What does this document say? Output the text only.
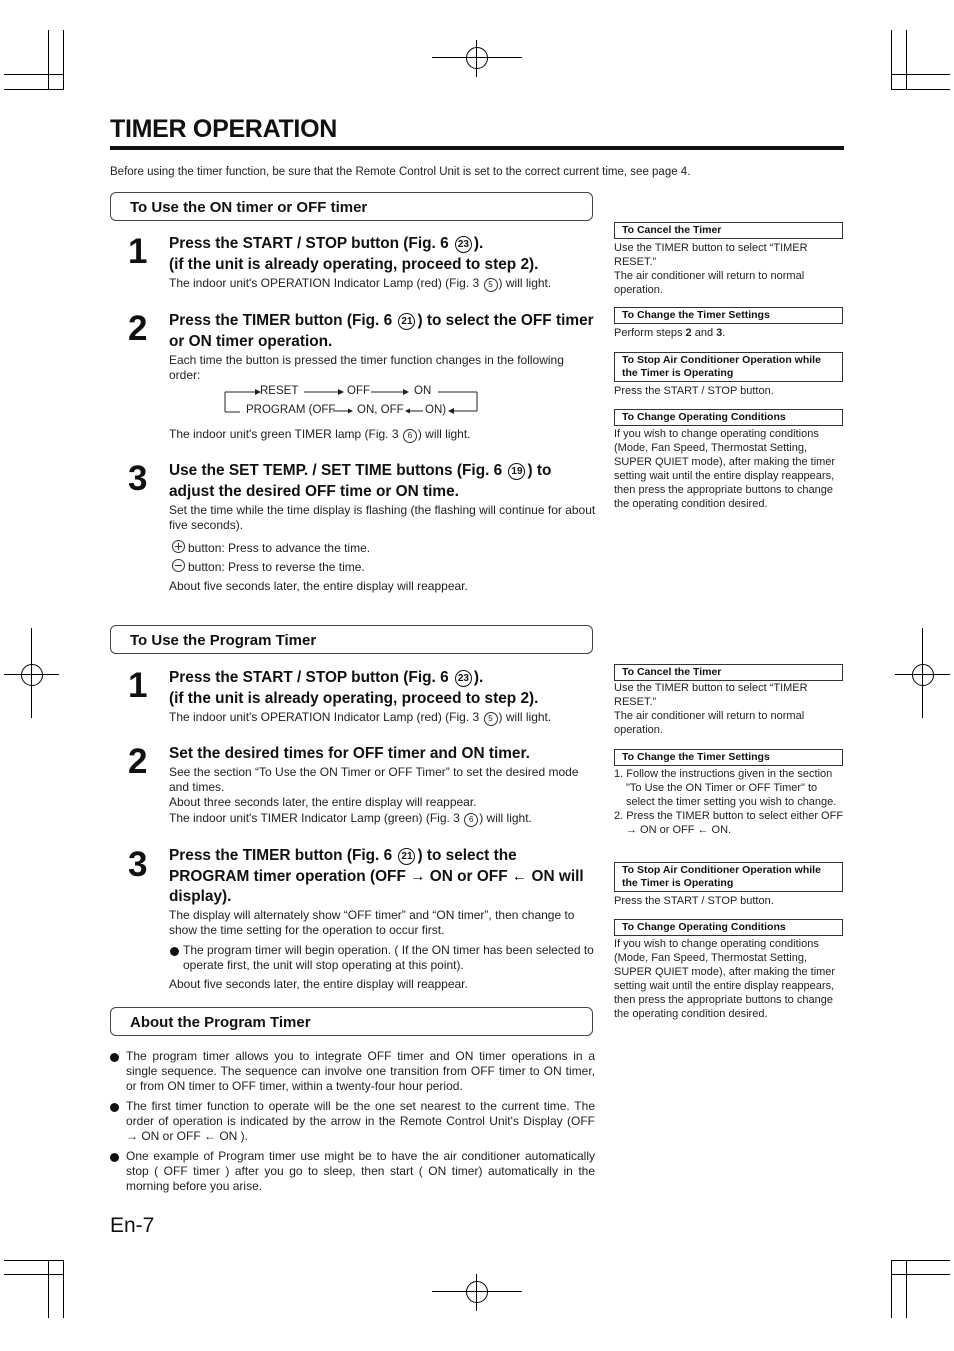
TIMER OPERATION
Before using the timer function, be sure that the Remote Control Unit is set to the correct current time, see page 4.
To Use the ON timer or OFF timer
1 Press the START / STOP button (Fig. 6 23 ).
(if the unit is already operating, proceed to step 2).
The indoor unit's OPERATION Indicator Lamp (red) (Fig. 3 5 ) will light.
2 Press the TIMER button (Fig. 6 21 ) to select the OFF timer or ON timer operation.
Each time the button is pressed the timer function changes in the following order:
RESET	OFF	ON
PROGRAM (OFF ON, OFF ON)
The indoor unit's green TIMER lamp (Fig. 3 6 ) will light.
3 Use the SET TEMP. / SET TIME buttons (Fig. 6 19 ) to adjust the desired OFF time or ON time.
Set the time while the time display is flashing (the flashing will continue for about five seconds).
button: Press to advance the time.
button: Press to reverse the time.
About five seconds later, the entire display will reappear.
To Cancel the Timer
Use the TIMER button to select “TIMER RESET.”
The air conditioner will return to normal operation.
To Change the Timer Settings
Perform steps 2 and 3.
To Stop Air Conditioner Operation while the Timer is Operating
Press the START / STOP button.
To Change Operating Conditions
If you wish to change operating conditions (Mode, Fan Speed, Thermostat Setting, SUPER QUIET mode), after making the timer setting wait until the entire display reappears, then press the appropriate buttons to change the operating condition desired.
To Use the Program Timer
1 Press the START / STOP button (Fig. 6 23 ).
(if the unit is already operating, proceed to step 2).
The indoor unit's OPERATION Indicator Lamp (red) (Fig. 3 5 ) will light.
2 Set the desired times for OFF timer and ON timer.
See the section “To Use the ON Timer or OFF Timer” to set the desired mode and times.
About three seconds later, the entire display will reappear.
The indoor unit's TIMER Indicator Lamp (green) (Fig. 3 6 ) will light.
3 Press the TIMER button (Fig. 6 21 ) to select the PROGRAM timer operation (OFF → ON or OFF ← ON will display).
The display will alternately show “OFF timer” and “ON timer”, then change to show the time setting for the operation to occur first.
The program timer will begin operation. ( If the ON timer has been selected to operate first, the unit will stop operating at this point).
About five seconds later, the entire display will reappear.
To Cancel the Timer
Use the TIMER button to select “TIMER RESET.”
The air conditioner will return to normal operation.
To Change the Timer Settings
1. Follow the instructions given in the section "To Use the ON Timer or OFF Timer" to select the timer setting you wish to change.
2. Press the TIMER button to select either OFF → ON or OFF ← ON.
To Stop Air Conditioner Operation while the Timer is Operating
Press the START / STOP button.
To Change Operating Conditions
If you wish to change operating conditions (Mode, Fan Speed, Thermostat Setting, SUPER QUIET mode), after making the timer setting wait until the entire display reappears, then press the appropriate buttons to change the operating condition desired.
About the Program Timer
The program timer allows you to integrate OFF timer and ON timer operations in a single sequence. The sequence can involve one transition from OFF timer to ON timer, or from ON timer to OFF timer, within a twenty-four hour period.
The first timer function to operate will be the one set nearest to the current time. The order of operation is indicated by the arrow in the Remote Control Unit's Display (OFF → ON or OFF ← ON ).
One example of Program timer use might be to have the air conditioner automatically stop ( OFF timer ) after you go to sleep, then start ( ON timer) automatically in the morning before you arise.
En-7
